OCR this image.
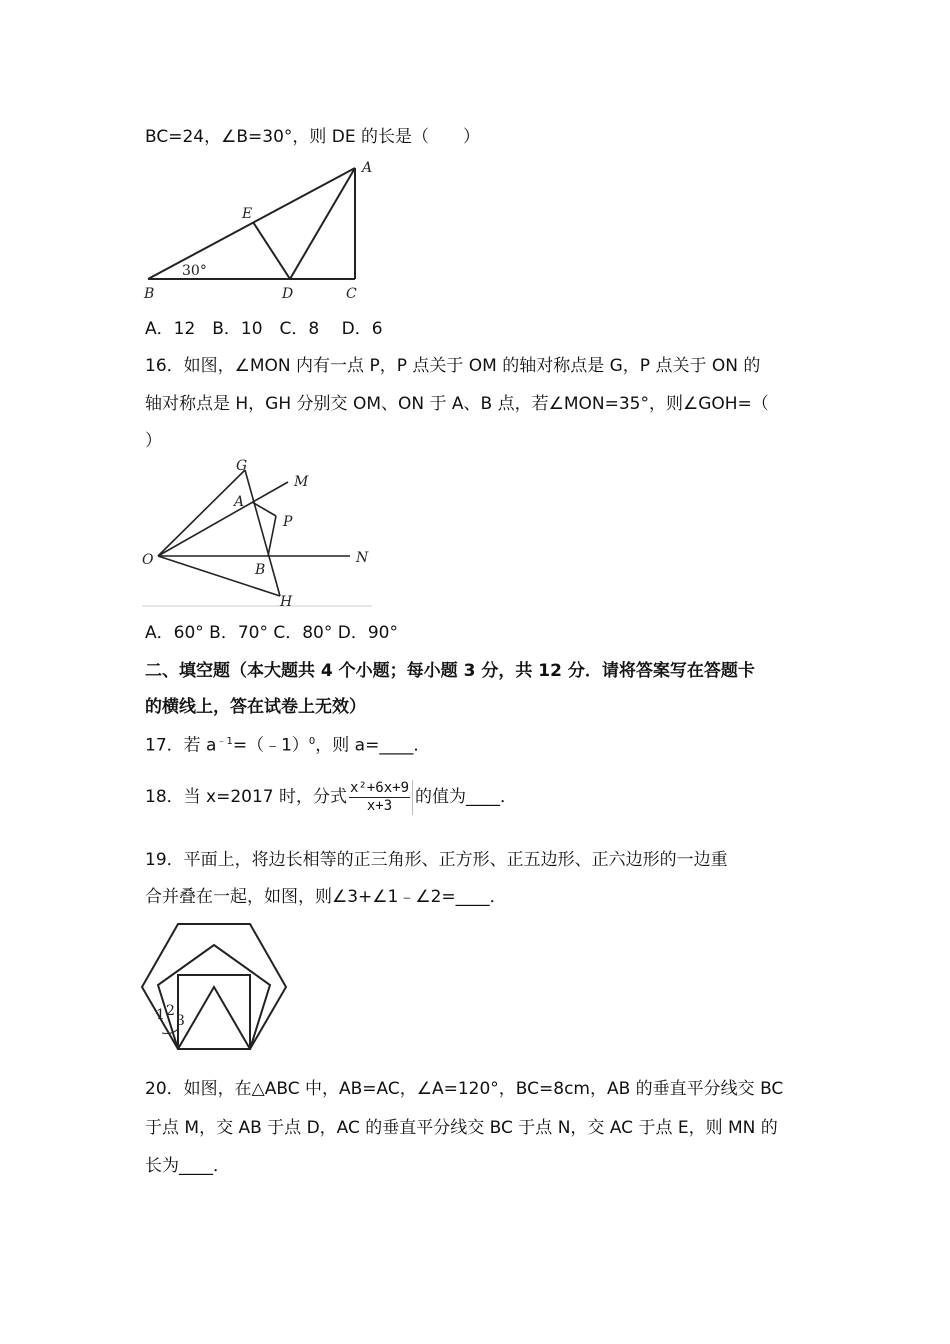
BC=24，∠B=30°，则 DE 的长是（　　）
A
E
30°
B	D	C
A．12　B．10　C．8　 D．6
16．如图，∠MON 内有一点 P，P 点关于 OM 的轴对称点是 G，P 点关于 ON 的
轴对称点是 H，GH 分别交 OM、ON 于 A、B 点，若∠MON=35°，则∠GOH=（
）
G
M
A
P
O	N
B
H
A．60° B．70° C．80° D．90°
二、填空题（本大题共 4 个小题；每小题 3 分，共 12 分．请将答案写在答题卡
的横线上，答在试卷上无效）
17．若 $a^{﹣1}=(﹣1)^0$，则 a=____．
18．当 x=2017 时，分式 $\frac{\text{x²+6x+9}}{x+3}$ 的值为____．
19．平面上，将边长相等的正三角形、正方形、正五边形、正六边形的一边重
合并叠在一起，如图，则∠3+∠1﹣∠2=____．
1 2
3
20．如图，在△ABC 中，AB=AC，∠A=120°，BC=8cm，AB 的垂直平分线交 BC
于点 M，交 AB 于点 D，AC 的垂直平分线交 BC 于点 N，交 AC 于点 E，则 MN 的
长为____．
